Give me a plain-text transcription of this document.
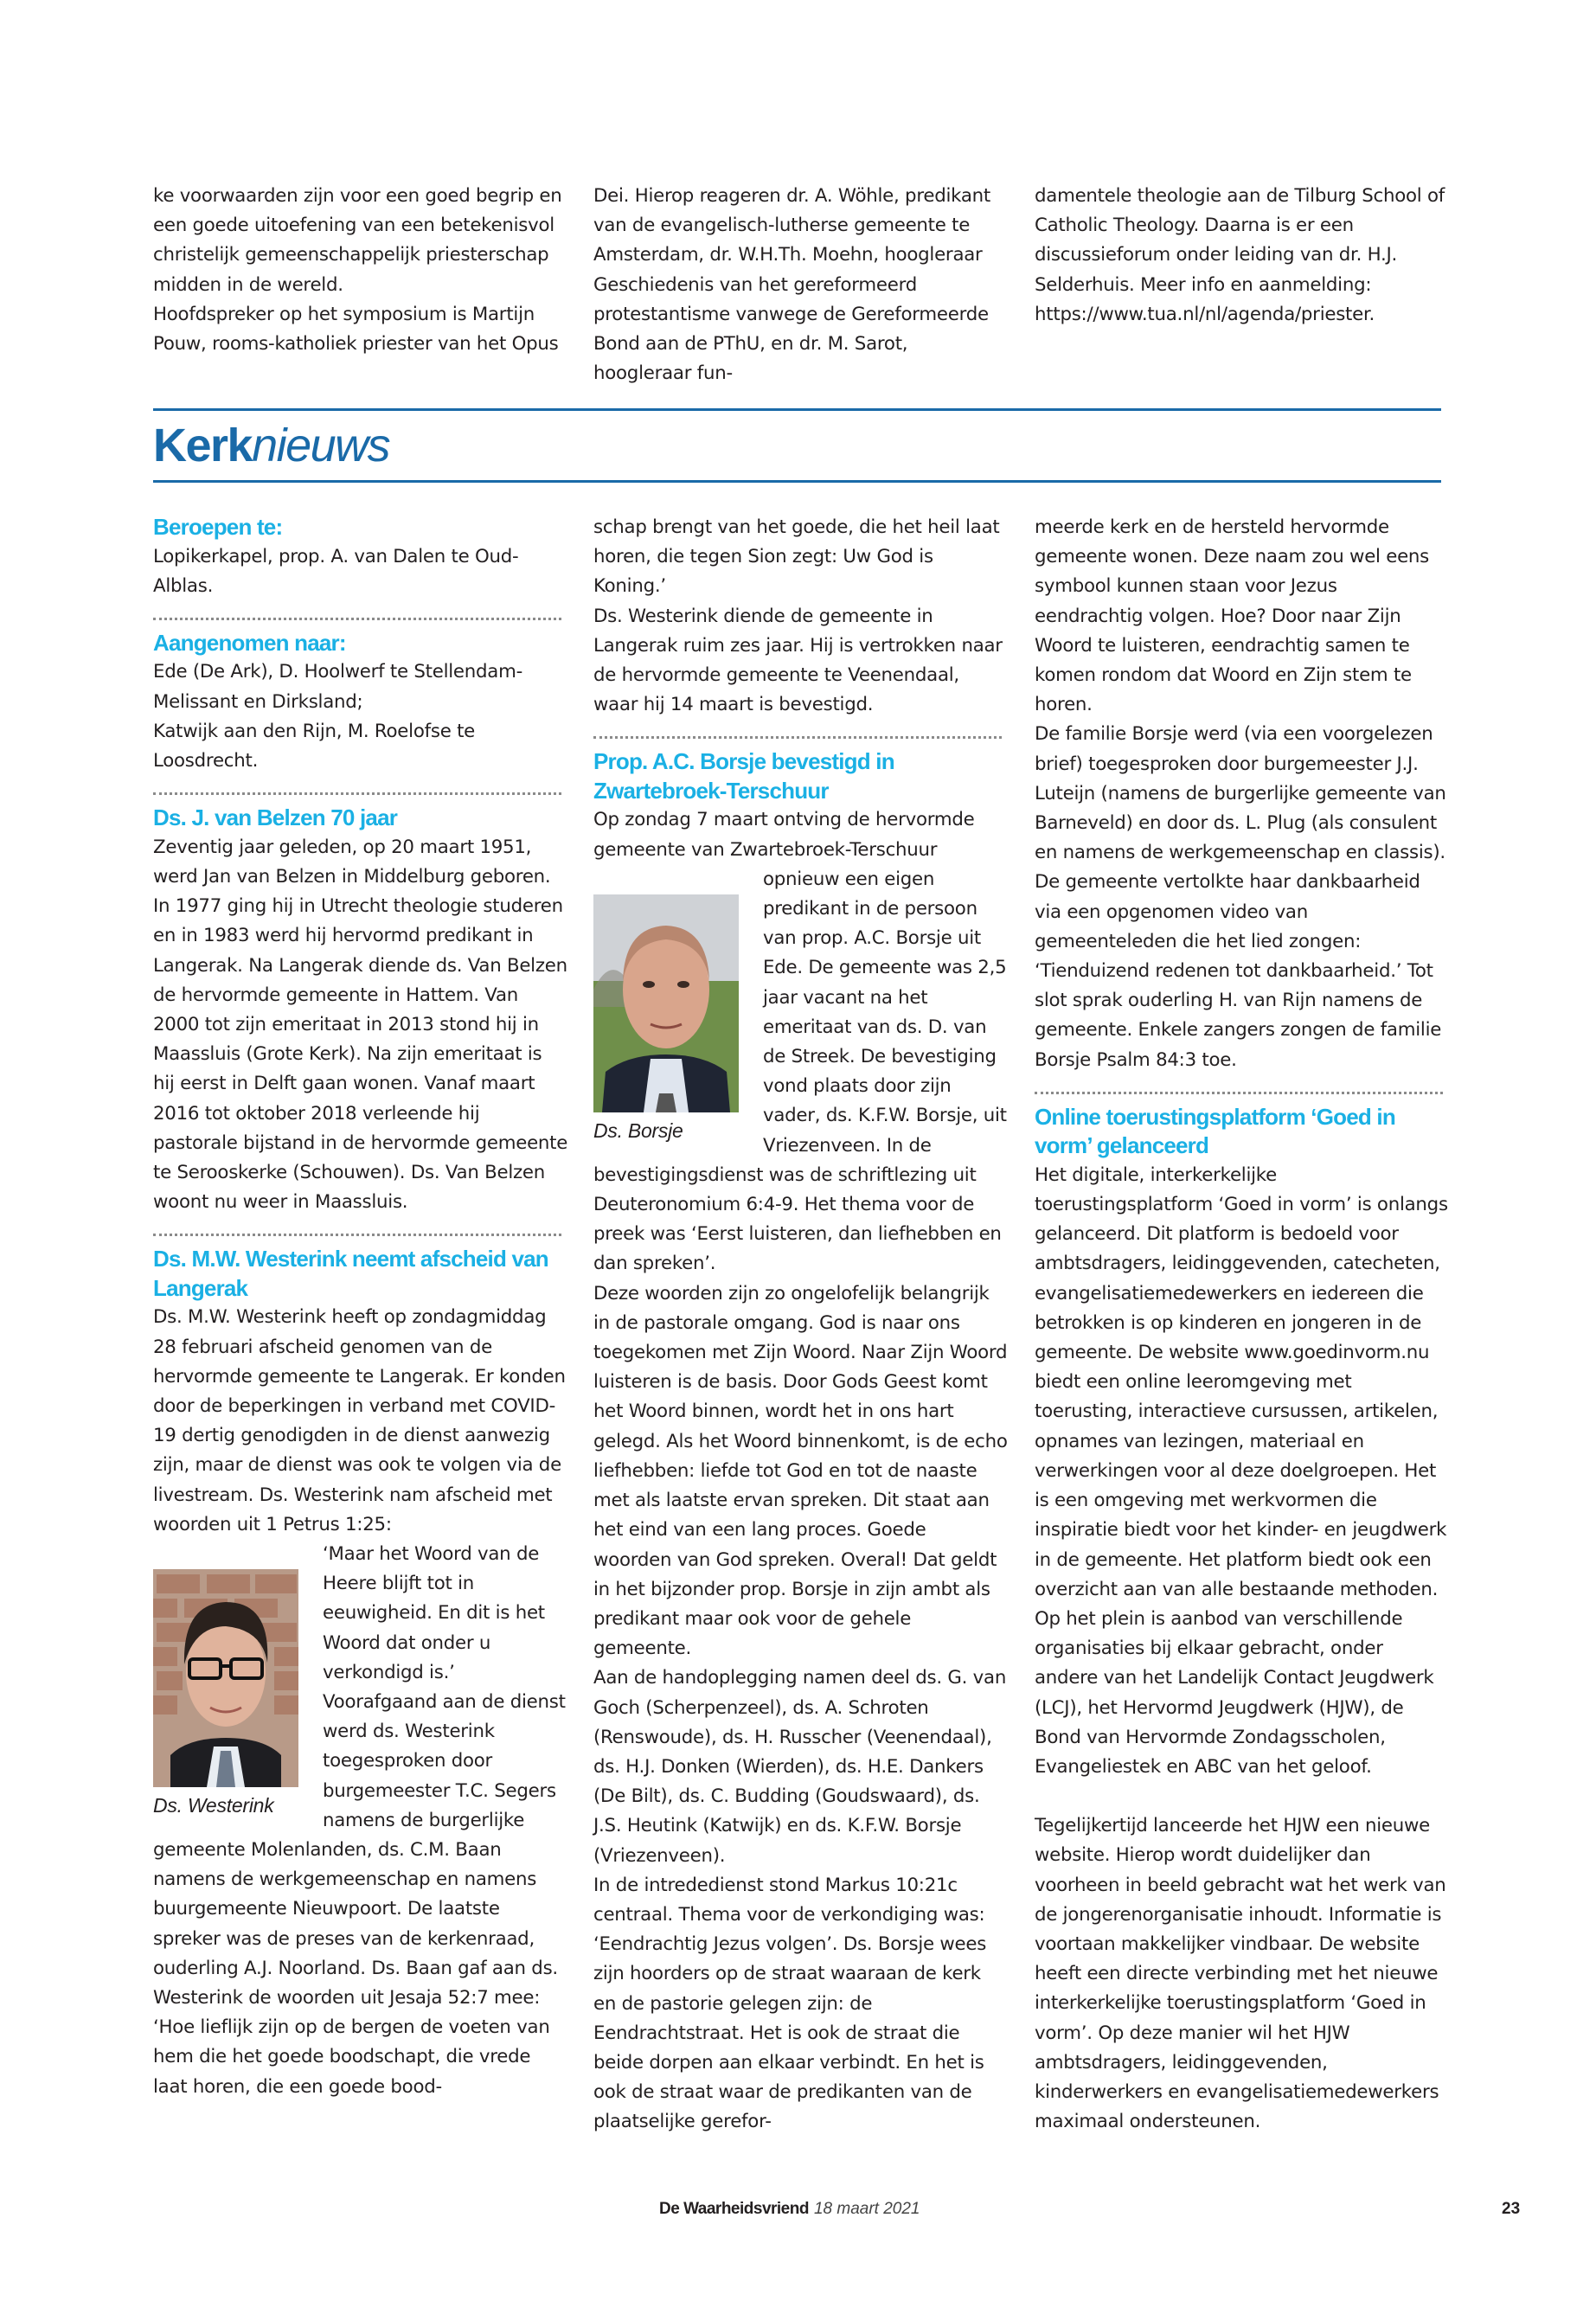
ke voorwaarden zijn voor een goed begrip en een goede uitoefening van een betekenisvol christelijk gemeenschappelijk priesterschap midden in de wereld.

Hoofdspreker op het symposium is Martijn Pouw, rooms-katholiek priester van het Opus

Dei. Hierop reageren dr. A. Wöhle, predikant van de evangelisch-lutherse gemeente te Amsterdam, dr. W.H.Th. Moehn, hoogleraar Geschiedenis van het gereformeerd protestantisme vanwege de Gereformeerde Bond aan de PThU, en dr. M. Sarot, hoogleraar fun-

damentele theologie aan de Tilburg School of Catholic Theology. Daarna is er een discussieforum onder leiding van dr. H.J. Selderhuis. Meer info en aanmelding: https://www.tua.nl/nl/agenda/priester.

Kerknieuws
Beroepen te:

Lopikerkapel, prop. A. van Dalen te Oud-Alblas.

Aangenomen naar:

Ede (De Ark), D. Hoolwerf te Stellendam-Melissant en Dirksland;

Katwijk aan den Rijn, M. Roelofse te Loosdrecht.

Ds. J. van Belzen 70 jaar

Zeventig jaar geleden, op 20 maart 1951, werd Jan van Belzen in Middelburg geboren. In 1977 ging hij in Utrecht theologie studeren en in 1983 werd hij hervormd predikant in Langerak. Na Langerak diende ds. Van Belzen de hervormde gemeente in Hattem. Van 2000 tot zijn emeritaat in 2013 stond hij in Maassluis (Grote Kerk). Na zijn emeritaat is hij eerst in Delft gaan wonen. Vanaf maart 2016 tot oktober 2018 verleende hij pastorale bijstand in de hervormde gemeente te Serooskerke (Schouwen). Ds. Van Belzen woont nu weer in Maassluis.

Ds. M.W. Westerink neemt afscheid van Langerak

Ds. M.W. Westerink heeft op zondagmiddag 28 februari afscheid genomen van de hervormde gemeente te Langerak. Er konden door de beperkingen in verband met COVID-19 dertig genodigden in de dienst aanwezig zijn, maar de dienst was ook te volgen via de livestream. Ds. Westerink nam afscheid met woorden uit 1 Petrus 1:25:

Ds. Westerink

‘Maar het Woord van de Heere blijft tot in eeuwigheid. En dit is het Woord dat onder u verkondigd is.’

Voorafgaand aan de dienst werd ds. Westerink toegesproken door burgemeester T.C. Segers namens de burgerlijke gemeente Molenlanden, ds. C.M. Baan namens de werkgemeenschap en namens buurgemeente Nieuwpoort. De laatste spreker was de preses van de kerkenraad, ouderling A.J. Noorland. Ds. Baan gaf aan ds. Westerink de woorden uit Jesaja 52:7 mee: ‘Hoe lieflijk zijn op de bergen de voeten van hem die het goede boodschapt, die vrede laat horen, die een goede bood-

schap brengt van het goede, die het heil laat horen, die tegen Sion zegt: Uw God is Koning.’

Ds. Westerink diende de gemeente in Langerak ruim zes jaar. Hij is vertrokken naar de hervormde gemeente te Veenendaal, waar hij 14 maart is bevestigd.

Prop. A.C. Borsje bevestigd in Zwartebroek-Terschuur

Op zondag 7 maart ontving de hervormde gemeente van Zwartebroek-Terschuur

Ds. Borsje

opnieuw een eigen predikant in de persoon van prop. A.C. Borsje uit Ede. De gemeente was 2,5 jaar vacant na het emeritaat van ds. D. van de Streek. De bevestiging vond plaats door zijn vader, ds. K.F.W. Borsje, uit Vriezenveen. In de bevestigingsdienst was de schriftlezing uit Deuteronomium 6:4-9. Het thema voor de preek was ‘Eerst luisteren, dan liefhebben en dan spreken’.

Deze woorden zijn zo ongelofelijk belangrijk in de pastorale omgang. God is naar ons toegekomen met Zijn Woord. Naar Zijn Woord luisteren is de basis. Door Gods Geest komt het Woord binnen, wordt het in ons hart gelegd. Als het Woord binnenkomt, is de echo liefhebben: liefde tot God en tot de naaste met als laatste ervan spreken. Dit staat aan het eind van een lang proces. Goede woorden van God spreken. Overal! Dat geldt in het bijzonder prop. Borsje in zijn ambt als predikant maar ook voor de gehele gemeente.

Aan de handoplegging namen deel ds. G. van Goch (Scherpenzeel), ds. A. Schroten (Renswoude), ds. H. Russcher (Veenendaal), ds. H.J. Donken (Wierden), ds. H.E. Dankers (De Bilt), ds. C. Budding (Goudswaard), ds. J.S. Heutink (Katwijk) en ds. K.F.W. Borsje (Vriezenveen).

In de intrededienst stond Markus 10:21c centraal. Thema voor de verkondiging was: ‘Eendrachtig Jezus volgen’. Ds. Borsje wees zijn hoorders op de straat waaraan de kerk en de pastorie gelegen zijn: de Eendrachtstraat. Het is ook de straat die beide dorpen aan elkaar verbindt. En het is ook de straat waar de predikanten van de plaatselijke gerefor-

meerde kerk en de hersteld hervormde gemeente wonen. Deze naam zou wel eens symbool kunnen staan voor Jezus eendrachtig volgen. Hoe? Door naar Zijn Woord te luisteren, eendrachtig samen te komen rondom dat Woord en Zijn stem te horen.

De familie Borsje werd (via een voorgelezen brief) toegesproken door burgemeester J.J. Luteijn (namens de burgerlijke gemeente van Barneveld) en door ds. L. Plug (als consulent en namens de werkgemeenschap en classis). De gemeente vertolkte haar dankbaarheid via een opgenomen video van gemeenteleden die het lied zongen: ‘Tienduizend redenen tot dankbaarheid.’ Tot slot sprak ouderling H. van Rijn namens de gemeente. Enkele zangers zongen de familie Borsje Psalm 84:3 toe.

Online toerustingsplatform ‘Goed in vorm’ gelanceerd

Het digitale, interkerkelijke toerustingsplatform ‘Goed in vorm’ is onlangs gelanceerd. Dit platform is bedoeld voor ambtsdragers, leidinggevenden, catecheten, evangelisatiemedewerkers en iedereen die betrokken is op kinderen en jongeren in de gemeente. De website www.goedinvorm.nu biedt een online leeromgeving met toerusting, interactieve cursussen, artikelen, opnames van lezingen, materiaal en verwerkingen voor al deze doelgroepen. Het is een omgeving met werkvormen die inspiratie biedt voor het kinder- en jeugdwerk in de gemeente. Het platform biedt ook een overzicht aan van alle bestaande methoden.

Op het plein is aanbod van verschillende organisaties bij elkaar gebracht, onder andere van het Landelijk Contact Jeugdwerk (LCJ), het Hervormd Jeugdwerk (HJW), de Bond van Hervormde Zondagsscholen, Evangeliestek en ABC van het geloof.

Tegelijkertijd lanceerde het HJW een nieuwe website. Hierop wordt duidelijker dan voorheen in beeld gebracht wat het werk van de jongerenorganisatie inhoudt. Informatie is voortaan makkelijker vindbaar. De website heeft een directe verbinding met het nieuwe interkerkelijke toerustingsplatform ‘Goed in vorm’. Op deze manier wil het HJW ambtsdragers, leidinggevenden, kinderwerkers en evangelisatiemedewerkers maximaal ondersteunen.

De Waarheidsvriend 18 maart 2021	23
